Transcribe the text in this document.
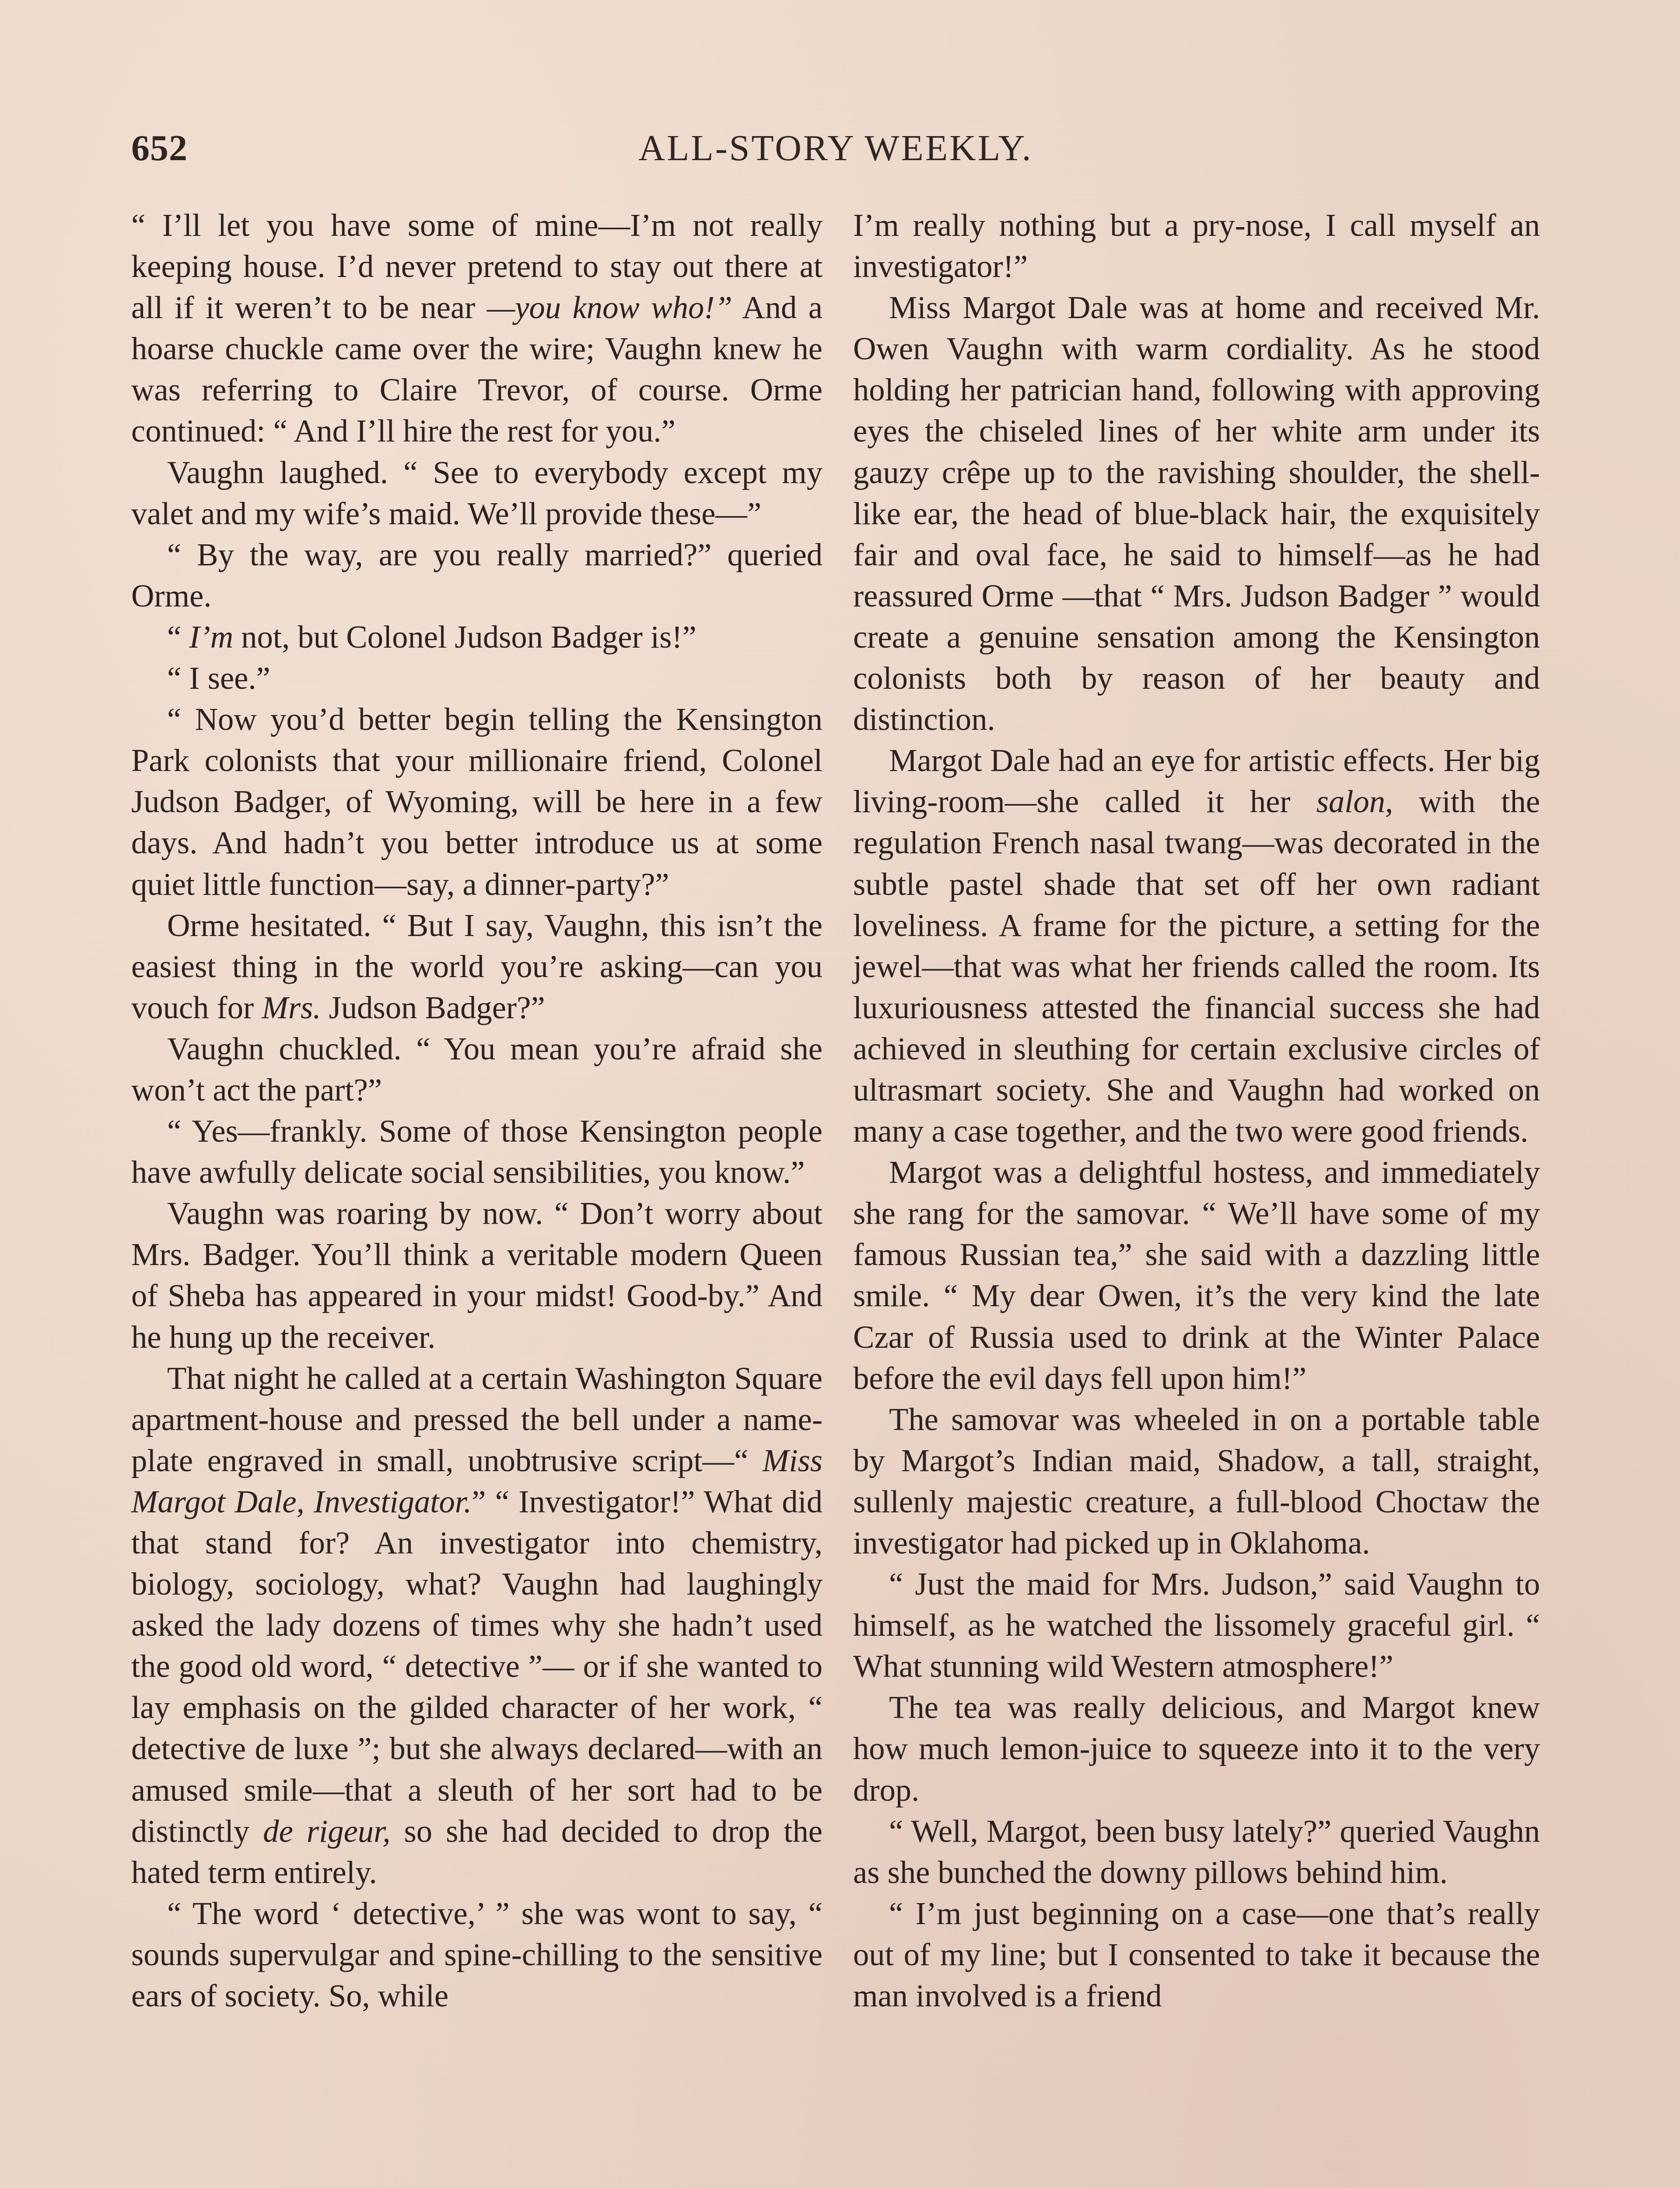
652	ALL-STORY WEEKLY.

“ I’ll let you have some of mine—I’m not really keeping house. I’d never pretend to stay out there at all if it weren’t to be near —you know who!” And a hoarse chuckle came over the wire; Vaughn knew he was referring to Claire Trevor, of course. Orme continued: “ And I’ll hire the rest for you.”

Vaughn laughed. “ See to everybody except my valet and my wife’s maid. We’ll provide these—”

“ By the way, are you really married?” queried Orme.

“ I’m not, but Colonel Judson Badger is!”

“ I see.”

“ Now you’d better begin telling the Kensington Park colonists that your millionaire friend, Colonel Judson Badger, of Wyoming, will be here in a few days. And hadn’t you better introduce us at some quiet little function—say, a dinner-party?”

Orme hesitated. “ But I say, Vaughn, this isn’t the easiest thing in the world you’re asking—can you vouch for Mrs. Judson Badger?”

Vaughn chuckled. “ You mean you’re afraid she won’t act the part?”

“ Yes—frankly. Some of those Kensington people have awfully delicate social sensibilities, you know.”

Vaughn was roaring by now. “ Don’t worry about Mrs. Badger. You’ll think a veritable modern Queen of Sheba has appeared in your midst! Good-by.” And he hung up the receiver.

That night he called at a certain Washington Square apartment-house and pressed the bell under a name-plate engraved in small, unobtrusive script—“ Miss Margot Dale, Investigator.” “ Investigator!” What did that stand for? An investigator into chemistry, biology, sociology, what? Vaughn had laughingly asked the lady dozens of times why she hadn’t used the good old word, “ detective ”— or if she wanted to lay emphasis on the gilded character of her work, “ detective de luxe ”; but she always declared—with an amused smile—that a sleuth of her sort had to be distinctly de rigeur, so she had decided to drop the hated term entirely.

“ The word ‘ detective,’ ” she was wont to say, “ sounds supervulgar and spine-chilling to the sensitive ears of society. So, while

I’m really nothing but a pry-nose, I call myself an investigator!”

Miss Margot Dale was at home and received Mr. Owen Vaughn with warm cordiality. As he stood holding her patrician hand, following with approving eyes the chiseled lines of her white arm under its gauzy crêpe up to the ravishing shoulder, the shell-like ear, the head of blue-black hair, the exquisitely fair and oval face, he said to himself—as he had reassured Orme —that “ Mrs. Judson Badger ” would create a genuine sensation among the Kensington colonists both by reason of her beauty and distinction.

Margot Dale had an eye for artistic effects. Her big living-room—she called it her salon, with the regulation French nasal twang—was decorated in the subtle pastel shade that set off her own radiant loveliness. A frame for the picture, a setting for the jewel—that was what her friends called the room. Its luxuriousness attested the financial success she had achieved in sleuthing for certain exclusive circles of ultrasmart society. She and Vaughn had worked on many a case together, and the two were good friends.

Margot was a delightful hostess, and immediately she rang for the samovar. “ We’ll have some of my famous Russian tea,” she said with a dazzling little smile. “ My dear Owen, it’s the very kind the late Czar of Russia used to drink at the Winter Palace before the evil days fell upon him!”

The samovar was wheeled in on a portable table by Margot’s Indian maid, Shadow, a tall, straight, sullenly majestic creature, a full-blood Choctaw the investigator had picked up in Oklahoma.

“ Just the maid for Mrs. Judson,” said Vaughn to himself, as he watched the lissomely graceful girl. “ What stunning wild Western atmosphere!”

The tea was really delicious, and Margot knew how much lemon-juice to squeeze into it to the very drop.

“ Well, Margot, been busy lately?” queried Vaughn as she bunched the downy pillows behind him.

“ I’m just beginning on a case—one that’s really out of my line; but I consented to take it because the man involved is a friend
